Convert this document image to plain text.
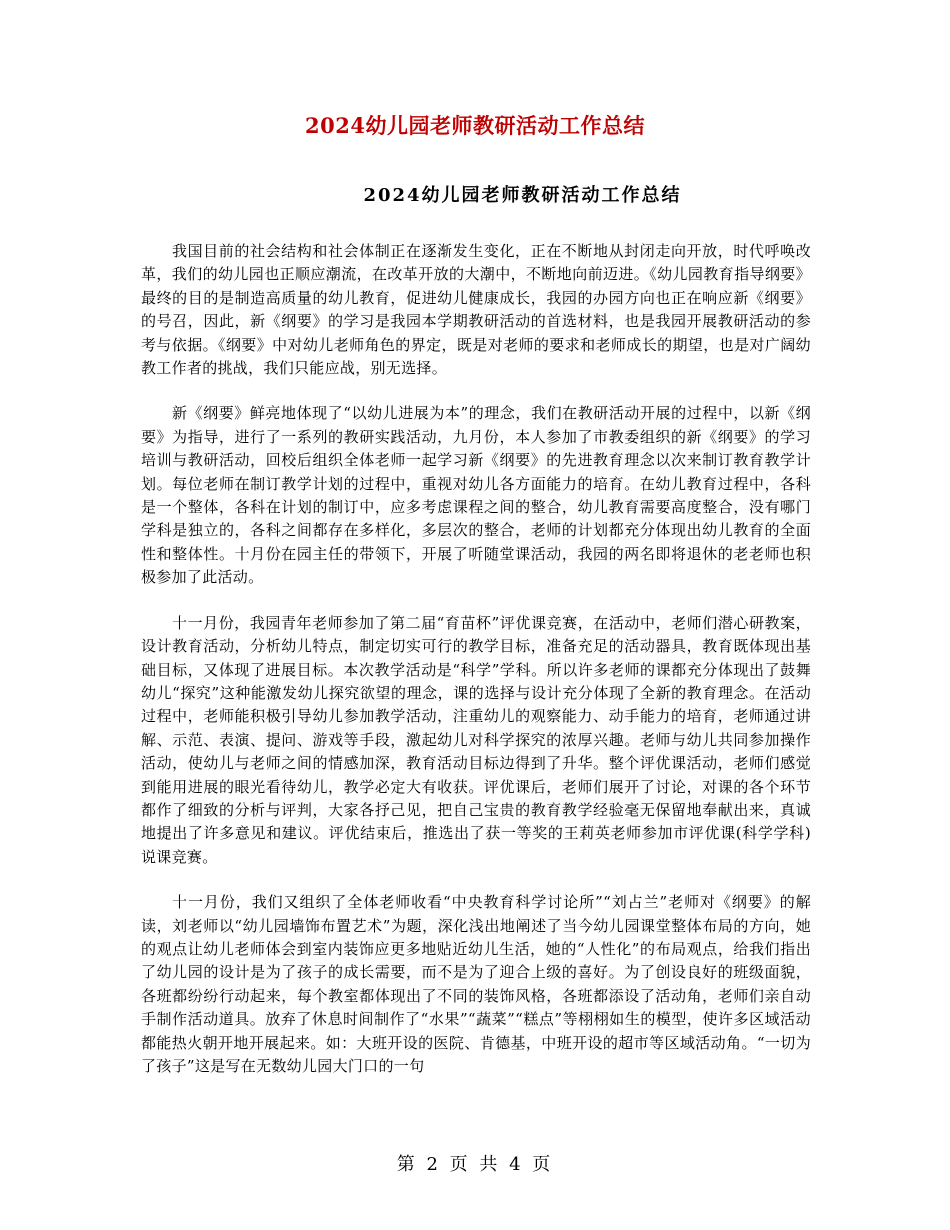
2024幼儿园老师教研活动工作总结
2024幼儿园老师教研活动工作总结

我国目前的社会结构和社会体制正在逐渐发生变化，正在不断地从封闭走向开放，时代呼唤改革，我们的幼儿园也正顺应潮流，在改革开放的大潮中，不断地向前迈进。《幼儿园教育指导纲要》最终的目的是制造高质量的幼儿教育，促进幼儿健康成长，我园的办园方向也正在响应新《纲要》的号召，因此，新《纲要》的学习是我园本学期教研活动的首选材料，也是我园开展教研活动的参考与依据。《纲要》中对幼儿老师角色的界定，既是对老师的要求和老师成长的期望，也是对广阔幼教工作者的挑战，我们只能应战，别无选择。

新《纲要》鲜亮地体现了“以幼儿进展为本”的理念，我们在教研活动开展的过程中，以新《纲要》为指导，进行了一系列的教研实践活动，九月份，本人参加了市教委组织的新《纲要》的学习培训与教研活动，回校后组织全体老师一起学习新《纲要》的先进教育理念以次来制订教育教学计划。每位老师在制订教学计划的过程中，重视对幼儿各方面能力的培育。在幼儿教育过程中，各科是一个整体，各科在计划的制订中，应多考虑课程之间的整合，幼儿教育需要高度整合，没有哪门学科是独立的，各科之间都存在多样化，多层次的整合，老师的计划都充分体现出幼儿教育的全面性和整体性。十月份在园主任的带领下，开展了听随堂课活动，我园的两名即将退休的老老师也积极参加了此活动。

十一月份，我园青年老师参加了第二届“育苗杯”评优课竞赛，在活动中，老师们潜心研教案，设计教育活动，分析幼儿特点，制定切实可行的教学目标，准备充足的活动器具，教育既体现出基础目标，又体现了进展目标。本次教学活动是“科学”学科。所以许多老师的课都充分体现出了鼓舞幼儿“探究”这种能激发幼儿探究欲望的理念，课的选择与设计充分体现了全新的教育理念。在活动过程中，老师能积极引导幼儿参加教学活动，注重幼儿的观察能力、动手能力的培育，老师通过讲解、示范、表演、提问、游戏等手段，激起幼儿对科学探究的浓厚兴趣。老师与幼儿共同参加操作活动，使幼儿与老师之间的情感加深，教育活动目标边得到了升华。整个评优课活动，老师们感觉到能用进展的眼光看待幼儿，教学必定大有收获。评优课后，老师们展开了讨论，对课的各个环节都作了细致的分析与评判，大家各抒己见，把自己宝贵的教育教学经验毫无保留地奉献出来，真诚地提出了许多意见和建议。评优结束后，推选出了获一等奖的王莉英老师参加市评优课(科学学科)说课竞赛。

十一月份，我们又组织了全体老师收看“中央教育科学讨论所”“刘占兰”老师对《纲要》的解读，刘老师以“幼儿园墙饰布置艺术”为题，深化浅出地阐述了当今幼儿园课堂整体布局的方向，她的观点让幼儿老师体会到室内装饰应更多地贴近幼儿生活，她的“人性化”的布局观点，给我们指出了幼儿园的设计是为了孩子的成长需要，而不是为了迎合上级的喜好。为了创设良好的班级面貌，各班都纷纷行动起来，每个教室都体现出了不同的装饰风格，各班都添设了活动角，老师们亲自动手制作活动道具。放弃了休息时间制作了“水果”“蔬菜”“糕点”等栩栩如生的模型，使许多区域活动都能热火朝开地开展起来。如：大班开设的医院、肯德基，中班开设的超市等区域活动角。“一切为了孩子”这是写在无数幼儿园大门口的一句

第 2 页 共 4 页
